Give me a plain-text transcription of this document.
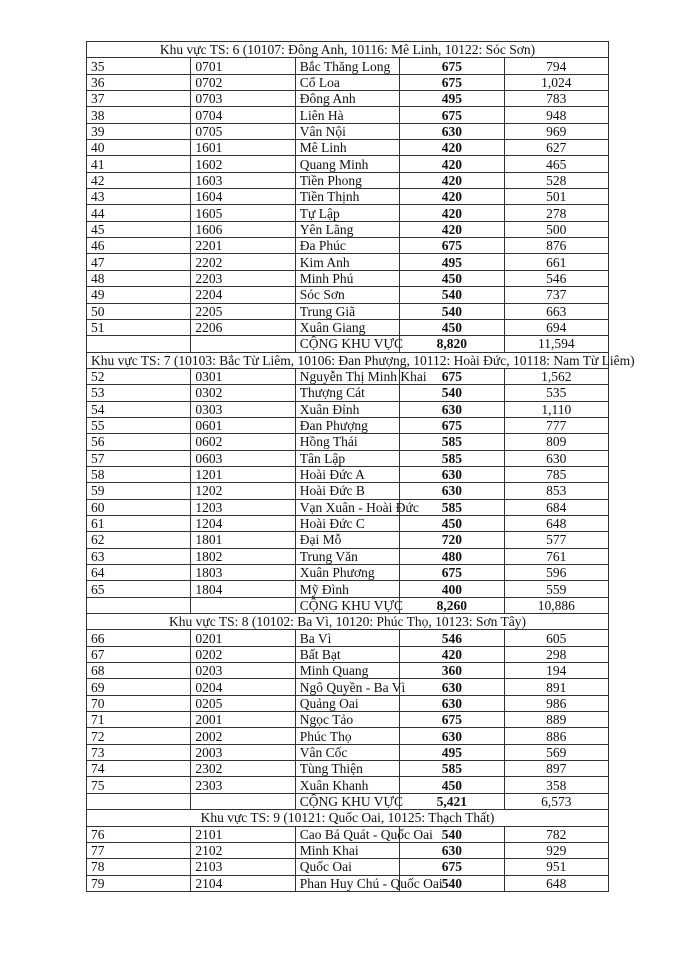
Khu vực TS: 6 (10107: Đông Anh, 10116: Mê Linh, 10122: Sóc Sơn)				
35	0701	Bắc Thăng Long	675	794
36	0702	Cổ Loa	675	1,024
37	0703	Đông Anh	495	783
38	0704	Liên Hà	675	948
39	0705	Vân Nội	630	969
40	1601	Mê Linh	420	627
41	1602	Quang Minh	420	465
42	1603	Tiền Phong	420	528
43	1604	Tiền Thịnh	420	501
44	1605	Tự Lập	420	278
45	1606	Yên Lãng	420	500
46	2201	Đa Phúc	675	876
47	2202	Kim Anh	495	661
48	2203	Minh Phú	450	546
49	2204	Sóc Sơn	540	737
50	2205	Trung Giã	540	663
51	2206	Xuân Giang	450	694
		CỘNG KHU VỰC	8,820	11,594
Khu vực TS: 7 (10103: Bắc Từ Liêm, 10106: Đan Phượng, 10112: Hoài Đức, 10118: Nam Từ Liêm)				
52	0301	Nguyễn Thị Minh Khai	675	1,562
53	0302	Thượng Cát	540	535
54	0303	Xuân Đỉnh	630	1,110
55	0601	Đan Phượng	675	777
56	0602	Hồng Thái	585	809
57	0603	Tân Lập	585	630
58	1201	Hoài Đức A	630	785
59	1202	Hoài Đức B	630	853
60	1203	Vạn Xuân - Hoài Đức	585	684
61	1204	Hoài Đức C	450	648
62	1801	Đại Mỗ	720	577
63	1802	Trung Văn	480	761
64	1803	Xuân Phương	675	596
65	1804	Mỹ Đình	400	559
		CỘNG KHU VỰC	8,260	10,886
Khu vực TS: 8 (10102: Ba Vì, 10120: Phúc Thọ, 10123: Sơn Tây)				
66	0201	Ba Vì	546	605
67	0202	Bất Bạt	420	298
68	0203	Minh Quang	360	194
69	0204	Ngô Quyền - Ba Vì	630	891
70	0205	Quảng Oai	630	986
71	2001	Ngọc Tảo	675	889
72	2002	Phúc Thọ	630	886
73	2003	Vân Cốc	495	569
74	2302	Tùng Thiện	585	897
75	2303	Xuân Khanh	450	358
		CỘNG KHU VỰC	5,421	6,573
Khu vực TS: 9 (10121: Quốc Oai, 10125: Thạch Thất)				
76	2101	Cao Bá Quát - Quốc Oai	540	782
77	2102	Minh Khai	630	929
78	2103	Quốc Oai	675	951
79	2104	Phan Huy Chú - Quốc Oai	540	648
